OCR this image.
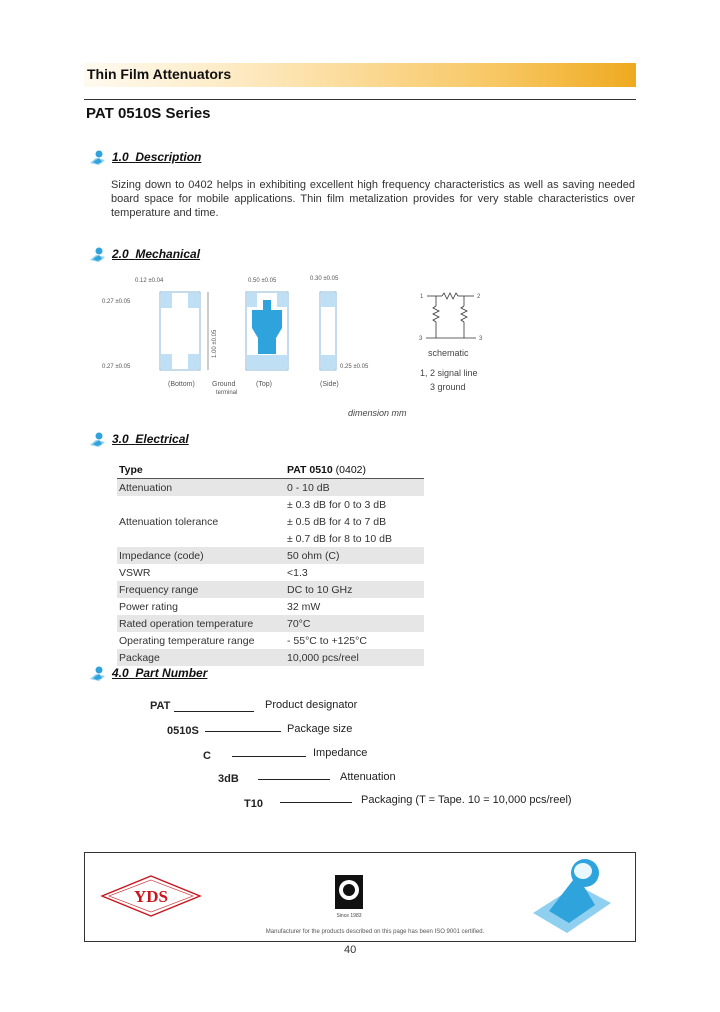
Thin Film Attenuators
PAT 0510S Series
1.0 Description
Sizing down to 0402 helps in exhibiting excellent high frequency characteristics as well as saving needed board space for mobile applications. Thin film metalization provides for very stable characteristics over temperature and time.
2.0 Mechanical
0.12 ±0.04
0.27 ±0.05
0.27 ±0.05
1.00 ±0.05
(Bottom) Ground
terminal
0.50 ±0.05
(Top)
0.30 ±0.05
0.25 ±0.05
(Side)
1	2
3	3
schematic
1, 2 signal line
3 ground
dimension mm
3.0 Electrical
Type	PAT 0510 (0402)
Attenuation	0 - 10 dB
	± 0.3 dB for 0 to 3 dB
Attenuation tolerance	± 0.5 dB for 4 to 7 dB
	± 0.7 dB for 8 to 10 dB
Impedance (code)	50 ohm (C)
VSWR	<1.3
Frequency range	DC to 10 GHz
Power rating	32 mW
Rated operation temperature	70°C
Operating temperature range	- 55°C to +125°C
Package	10,000 pcs/reel
4.0 Part Number
PAT	Product designator
0510S	Package size
C	Impedance
3dB	Attenuation
T10	Packaging (T = Tape. 10 = 10,000 pcs/reel)
YDS
Since 1983
Manufacturer for the products described on this page has been ISO 9001 certified.
40
